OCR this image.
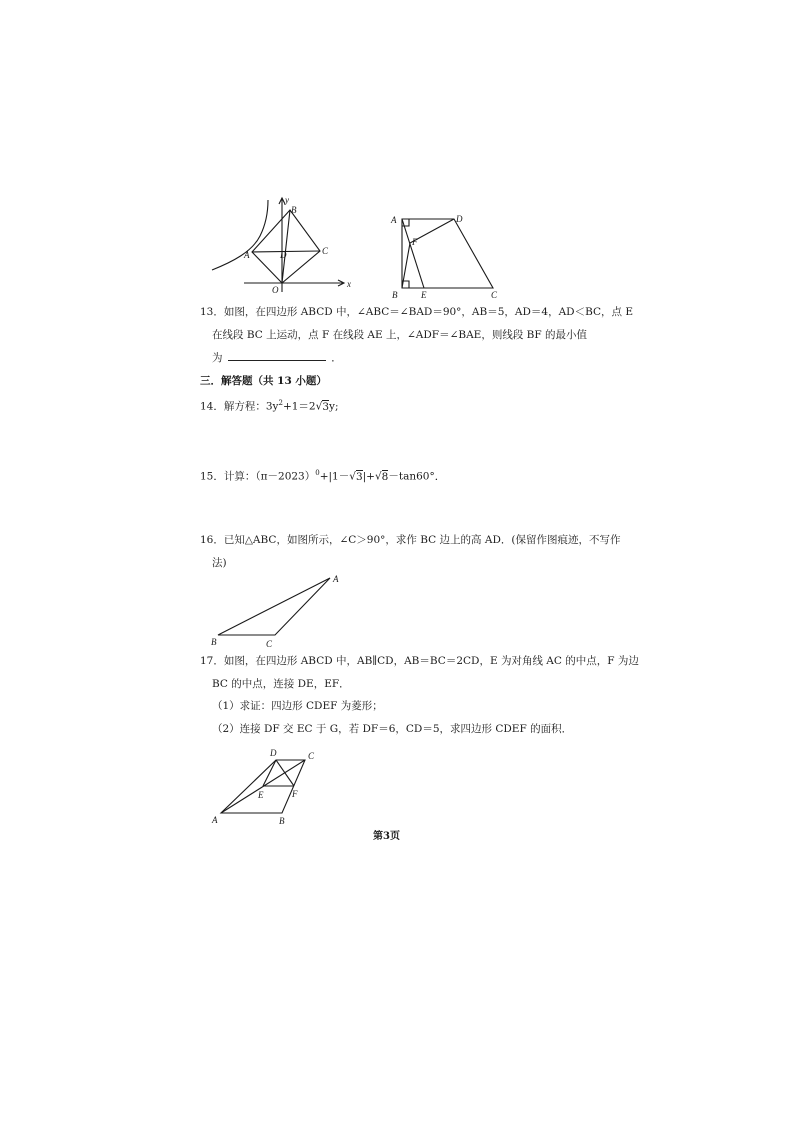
y
x
B
A	D	C
O
A	D
F
B	E	C
13．如图，在四边形 ABCD 中，∠ABC＝∠BAD＝90°，AB＝5，AD＝4，AD＜BC，点 E
在线段 BC 上运动，点 F 在线段 AE 上，∠ADF＝∠BAE，则线段 BF 的最小值
为	．
三．解答题（共 13 小题）
14．解方程：$3y^2+1=2√3y$;
15．计算：$(\pi-2023)^0+|1-√3|+√8-\tan 60^\circ$．
16．已知△ABC，如图所示，∠C＞90°，求作 BC 边上的高 AD．(保留作图痕迹，不写作
法)
A
B	C
17．如图，在四边形 ABCD 中，AB∥CD，AB＝BC＝2CD，E 为对角线 AC 的中点，F 为边
BC 的中点，连接 DE，EF．
（1）求证：四边形 CDEF 为菱形；
（2）连接 DF 交 EC 于 G，若 DF＝6，CD＝5，求四边形 CDEF 的面积．
D	C
E	F
A	B
第3页
